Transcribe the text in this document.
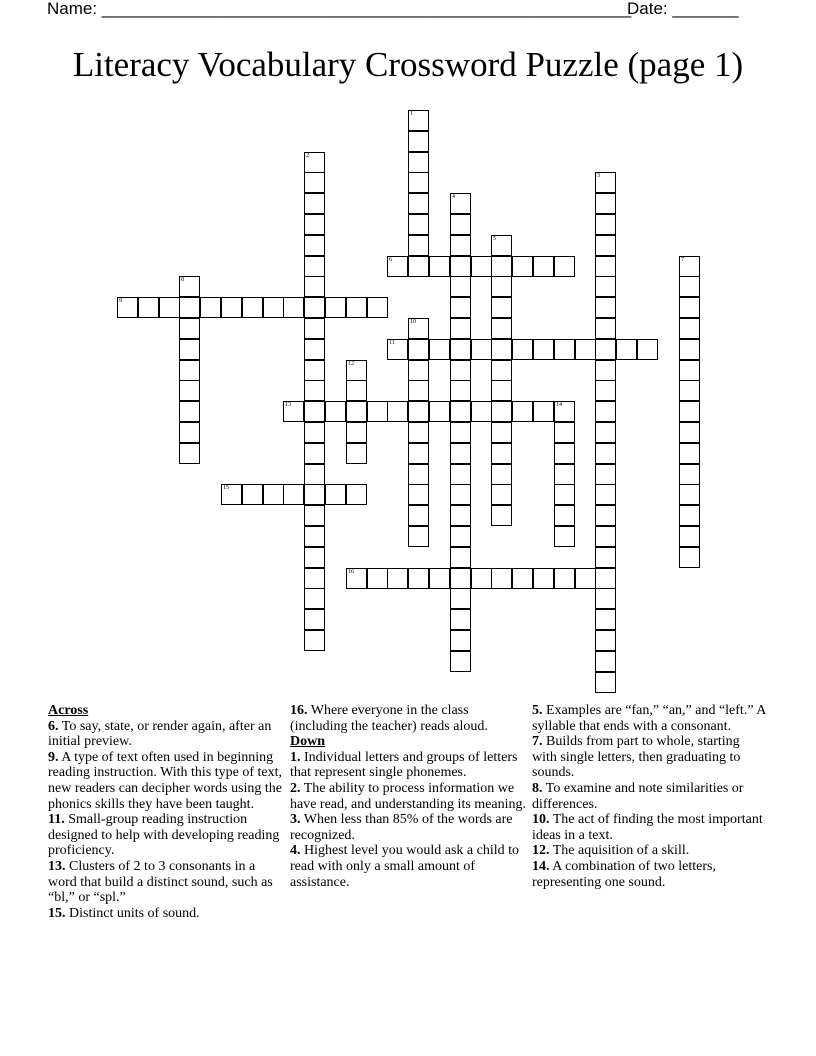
Name: ________________________________________________________
Date: _______
Literacy Vocabulary Crossword Puzzle (page 1)
1
2
3
4
5
6	7
8
9
10
11
12
13	14
15
16
Across
6. To say, state, or render again, after an initial preview.
9. A type of text often used in beginning reading instruction. With this type of text, new readers can decipher words using the phonics skills they have been taught.
11. Small-group reading instruction designed to help with developing reading proficiency.
13. Clusters of 2 to 3 consonants in a word that build a distinct sound, such as “bl,” or “spl.”
15. Distinct units of sound.
16. Where everyone in the class (including the teacher) reads aloud.
Down
1. Individual letters and groups of letters that represent single phonemes.
2. The ability to process information we have read, and understanding its meaning.
3. When less than 85% of the words are recognized.
4. Highest level you would ask a child to read with only a small amount of assistance.
5. Examples are “fan,” “an,” and “left.” A syllable that ends with a consonant.
7. Builds from part to whole, starting with single letters, then graduating to sounds.
8. To examine and note similarities or differences.
10. The act of finding the most important ideas in a text.
12. The aquisition of a skill.
14. A combination of two letters, representing one sound.
